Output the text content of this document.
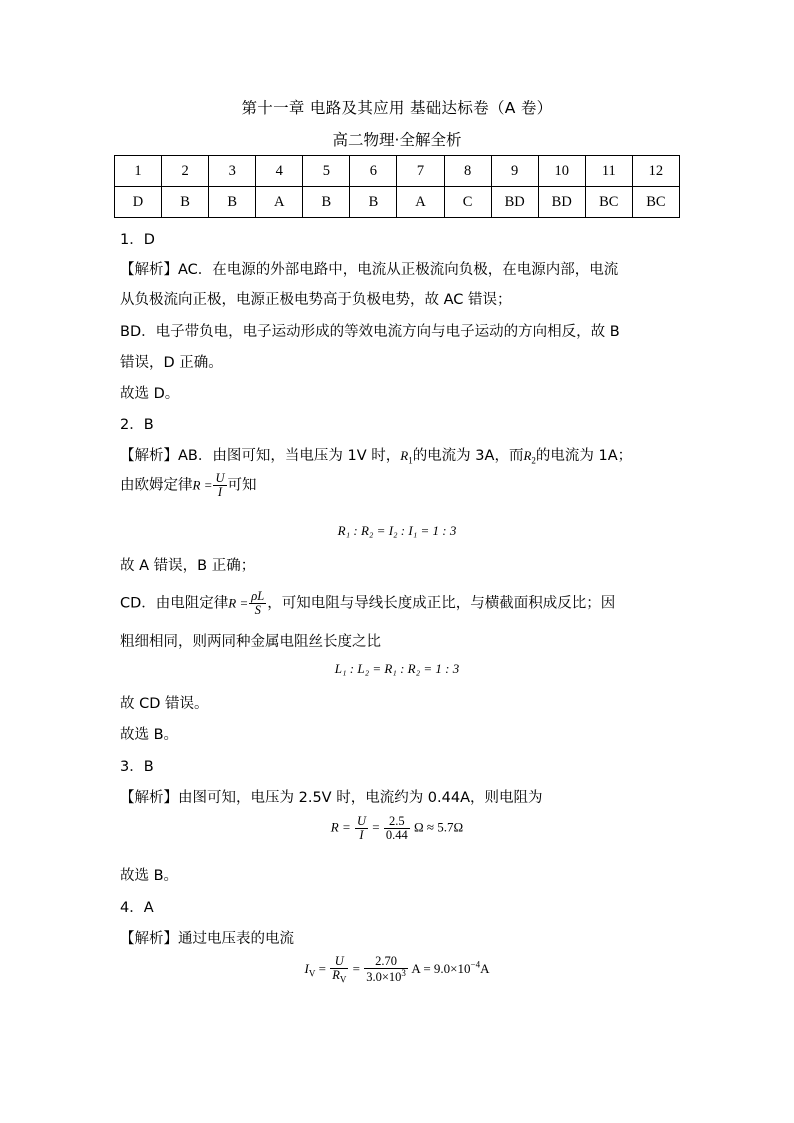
第十一章 电路及其应用 基础达标卷（A 卷）
高二物理·全解全析
1	2	3	4	5	6	7	8	9	10	11	12
D	B	B	A	B	B	A	C	BD	BD	BC	BC
1．D
【解析】AC．在电源的外部电路中，电流从正极流向负极，在电源内部，电流
从负极流向正极，电源正极电势高于负极电势，故 AC 错误；
BD．电子带负电，电子运动形成的等效电流方向与电子运动的方向相反，故 B
错误，D 正确。
故选 D。
2．B
【解析】AB．由图可知，当电压为 1V 时，$R_1$的电流为 3A，而$R_2$的电流为 1A；
由欧姆定律$R = \frac{U}{I}$ 可知
R₁ : R₂ = I₂ : I₁ = 1 : 3
故 A 错误，B 正确；
CD．由电阻定律$R = \frac{\rho L}{S}$ ，可知电阻与导线长度成正比，与横截面积成反比；因
粗细相同，则两同种金属电阻丝长度之比
L₁ : L₂ = R₁ : R₂ = 1 : 3
故 CD 错误。
故选 B。
3．B
【解析】由图可知，电压为 2.5V 时，电流约为 0.44A，则电阻为
$R = \frac{U}{I} = \frac{2.5}{0.44}$ Ω ≈ 5.7Ω
故选 B。
4．A
【解析】通过电压表的电流
$I_V = \frac{U}{R_V} = \frac{2.70}{3.0\times 10^3}$ $A = 9.0\times 10^{-4}A$
